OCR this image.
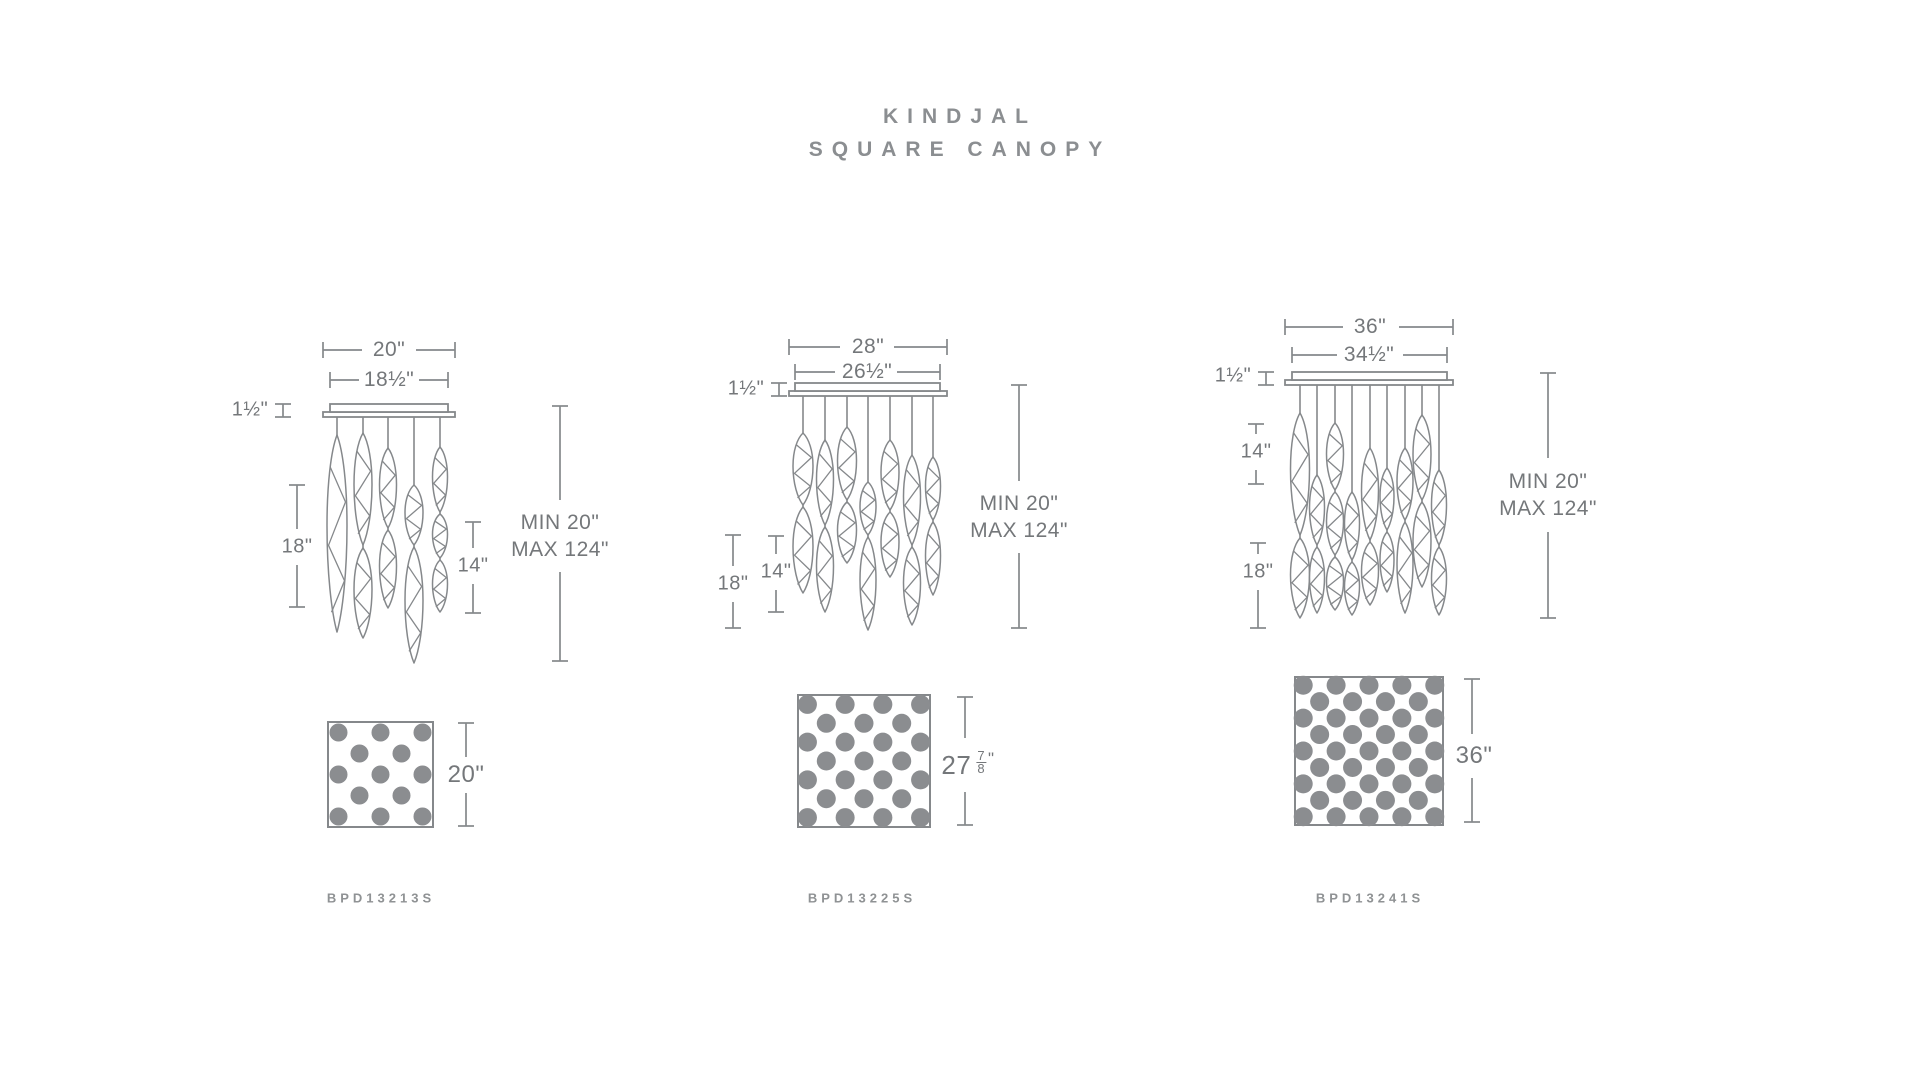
KINDJAL
SQUARE CANOPY
20"
18½"
1½"
18"
14"
MIN 20"
MAX 124"
20"
BPD13213S
28"
26½"
1½"
18"
14"
MIN 20"
MAX 124"
$27 \frac{7}{8}$ "
BPD13225S
36"
34½"
1½"
14"
18"
MIN 20"
MAX 124"
36"
BPD13241S
